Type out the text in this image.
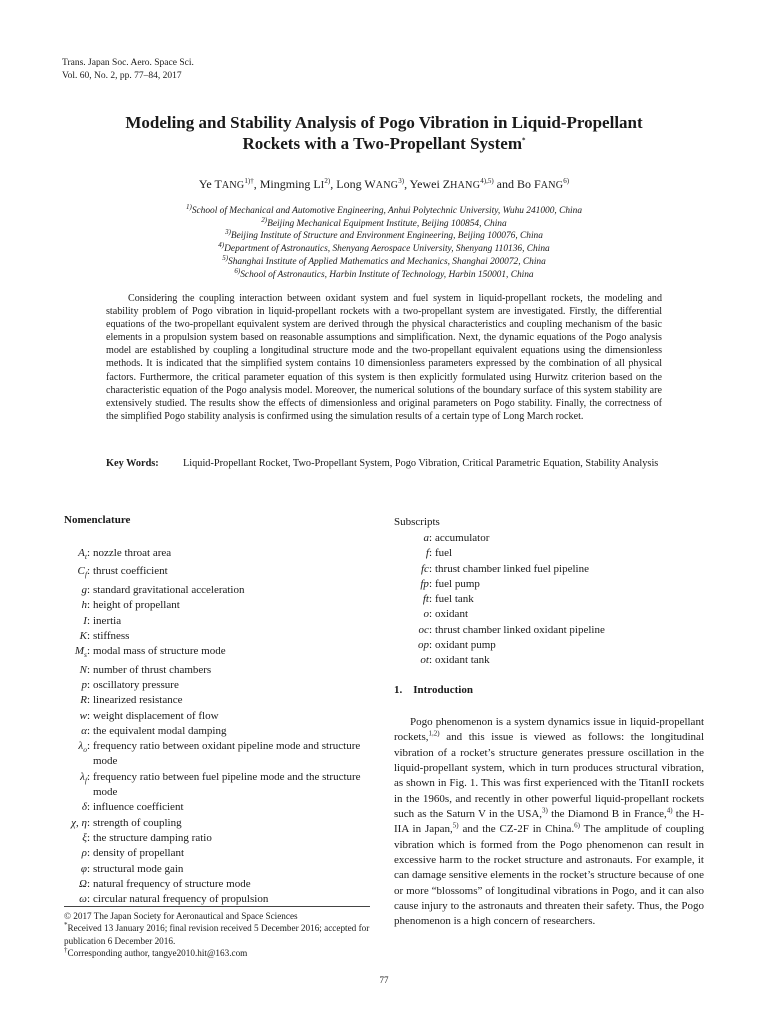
Trans. Japan Soc. Aero. Space Sci.
Vol. 60, No. 2, pp. 77–84, 2017
Modeling and Stability Analysis of Pogo Vibration in Liquid-Propellant
Rockets with a Two-Propellant System*
Ye $TANG^{1)\dagger}$, Mingming LI$^{2)}$, Long WANG$^{3)}$, Yewei $ZHANG^{4),5)}$ and Bo FANG$^{6)}$
$^{1)}$School of Mechanical and Automotive Engineering, Anhui Polytechnic University, Wuhu 241000, China
$^{2)}$Beijing Mechanical Equipment Institute, Beijing 100854, China
$^{3)}$Beijing Institute of Structure and Environment Engineering, Beijing 100076, China
$^{4)}$Department of Astronautics, Shenyang Aerospace University, Shenyang 110136, China
$^{5)}$Shanghai Institute of Applied Mathematics and Mechanics, Shanghai 200072, China
$^{6)}$School of Astronautics, Harbin Institute of Technology, Harbin 150001, China

Considering the coupling interaction between oxidant system and fuel system in liquid-propellant rockets, the modeling and stability problem of Pogo vibration in liquid-propellant rockets with a two-propellant system are investigated. Firstly, the differential equations of the two-propellant equivalent system are derived through the physical characteristics and coupling mechanism of the basic elements in a propulsion system based on reasonable assumptions and simplification. Next, the dynamic equations of the Pogo analysis model are established by coupling a longitudinal structure mode and the two-propellant equivalent equations using the dimensionless methods. It is indicated that the simplified system contains 10 dimensionless parameters expressed by the combination of all physical factors. Furthermore, the critical parameter equation of this system is then explicitly formulated using Hurwitz criterion based on the characteristic equation of the Pogo analysis model. Moreover, the numerical solutions of the boundary surface of this system stability are extensively studied. The results show the effects of dimensionless and original parameters on Pogo stability. Finally, the correctness of the simplified Pogo stability analysis is confirmed using the simulation results of a certain type of Long March rocket.

Key Words:	Liquid-Propellant Rocket, Two-Propellant System, Pogo Vibration, Critical Parametric Equation, Stability Analysis
Nomenclature
$A_t$: nozzle throat area
$C_f$: thrust coefficient
g: standard gravitational acceleration
h: height of propellant
I: inertia
K: stiffness
$M_s$: modal mass of structure mode
N: number of thrust chambers
p: oscillatory pressure
R: linearized resistance
w: weight displacement of flow
α: the equivalent modal damping
$\lambda_o$: frequency ratio between oxidant pipeline mode and structure mode
$\lambda_f$: frequency ratio between fuel pipeline mode and the structure mode
δ: influence coefficient
χ, η: strength of coupling
ξ: the structure damping ratio
ρ: density of propellant
φ: structural mode gain
Ω: natural frequency of structure mode
ω: circular natural frequency of propulsion
Subscripts
a: accumulator
f: fuel
fc: thrust chamber linked fuel pipeline
fp: fuel pump
ft: fuel tank
o: oxidant
oc: thrust chamber linked oxidant pipeline
op: oxidant pump
ot: oxidant tank
1. Introduction

Pogo phenomenon is a system dynamics issue in liquid-propellant rockets,$^{1,2)}$ and this issue is viewed as follows: the longitudinal vibration of a rocket’s structure generates pressure oscillation in the liquid-propellant system, which in turn produces structural vibration, as shown in Fig. 1. This was first experienced with the TitanII rockets in the 1960s, and recently in other powerful liquid-propellant rockets such as the Saturn V in the USA,$^{3)}$ the Diamond B in France,$^{4)}$ the H-IIA in Japan,$^{5)}$ and the CZ-2F in China.$^{6)}$ The amplitude of coupling vibration which is formed from the Pogo phenomenon can result in excessive harm to the rocket structure and astronauts. For example, it can damage sensitive elements in the rocket’s structure because of one or more “blossoms” of longitudinal vibrations in Pogo, and it can also cause injury to the astronauts and threaten their safety. Thus, the Pogo phenomenon is a high concern of researchers.

© 2017 The Japan Society for Aeronautical and Space Sciences
*Received 13 January 2016; final revision received 5 December 2016; accepted for publication 6 December 2016.
†Corresponding author, tangye2010.hit@163.com
77
